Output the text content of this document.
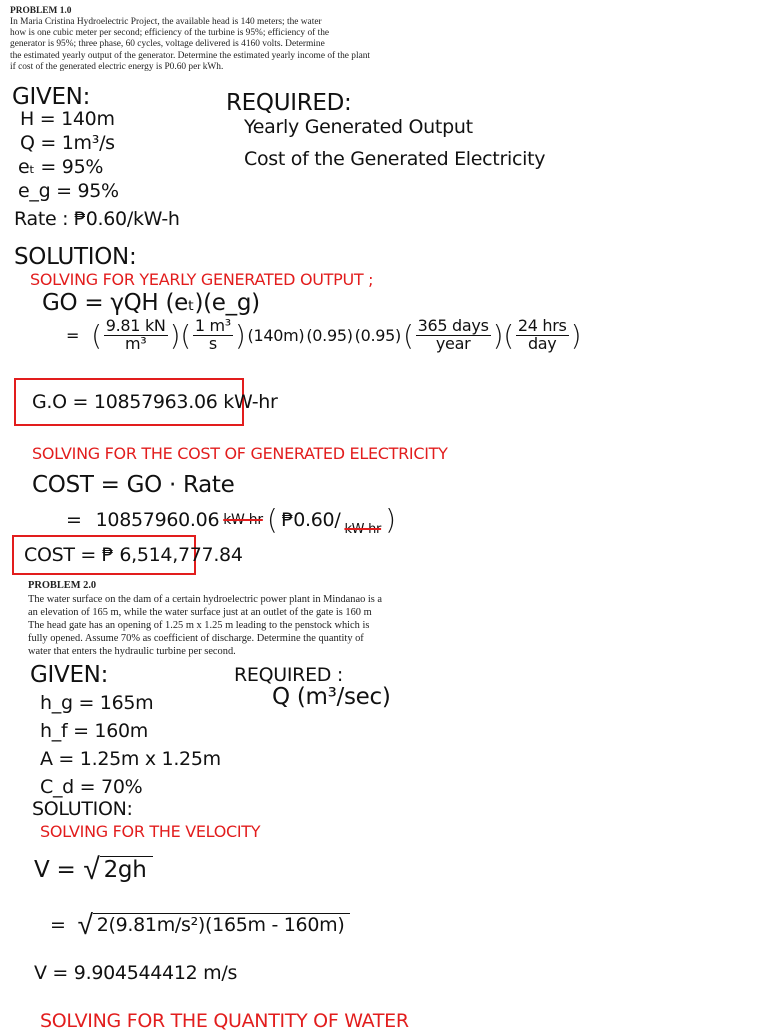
PROBLEM 1.0
In Maria Cristina Hydroelectric Project, the available head is 140 meters; the water
how is one cubic meter per second; efficiency of the turbine is 95%; efficiency of the
generator is 95%; three phase, 60 cycles, voltage delivered is 4160 volts. Determine
the estimated yearly output of the generator. Determine the estimated yearly income of the plant
if cost of the generated electric energy is P0.60 per kWh.
GIVEN:
H = 140m
Q = 1m³/s
eₜ = 95%
e_g = 95%
Rate : ₱0.60/kW-h
REQUIRED:
Yearly Generated Output
Cost of the Generated Electricity
SOLUTION:
SOLVING FOR YEARLY GENERATED OUTPUT ;
GO = γQH (eₜ)(e_g)
= ( $\frac{9.81 kN}{\text{m³}}$ )( $\frac{\text{1 m³}}{s}$ ) (140m) (0.95) (0.95) ( $\frac{\text{365 days}}{\text{year}}$ )( $\frac{\text{24 hrs}}{\text{day}}$ )
G.O = 10857963.06 kW-hr
SOLVING FOR THE COST OF GENERATED ELECTRICITY
COST = GO · Rate
= 10857960.06 kW-hr ( ₱0.60/ kW-hr )
COST = ₱ 6,514,777.84
PROBLEM 2.0
The water surface on the dam of a certain hydroelectric power plant in Mindanao is a
an elevation of 165 m, while the water surface just at an outlet of the gate is 160 m
The head gate has an opening of 1.25 m x 1.25 m leading to the penstock which is
fully opened. Assume 70% as coefficient of discharge. Determine the quantity of
water that enters the hydraulic turbine per second.
GIVEN:
h_g = 165m
h_f = 160m
A = 1.25m x 1.25m
C_d = 70%
REQUIRED :
Q (m³/sec)
SOLUTION:
SOLVING FOR THE VELOCITY
V = √ 2gh
= √ 2(9.81m/s²)(165m - 160m)
V = 9.904544412 m/s
SOLVING FOR THE QUANTITY OF WATER
